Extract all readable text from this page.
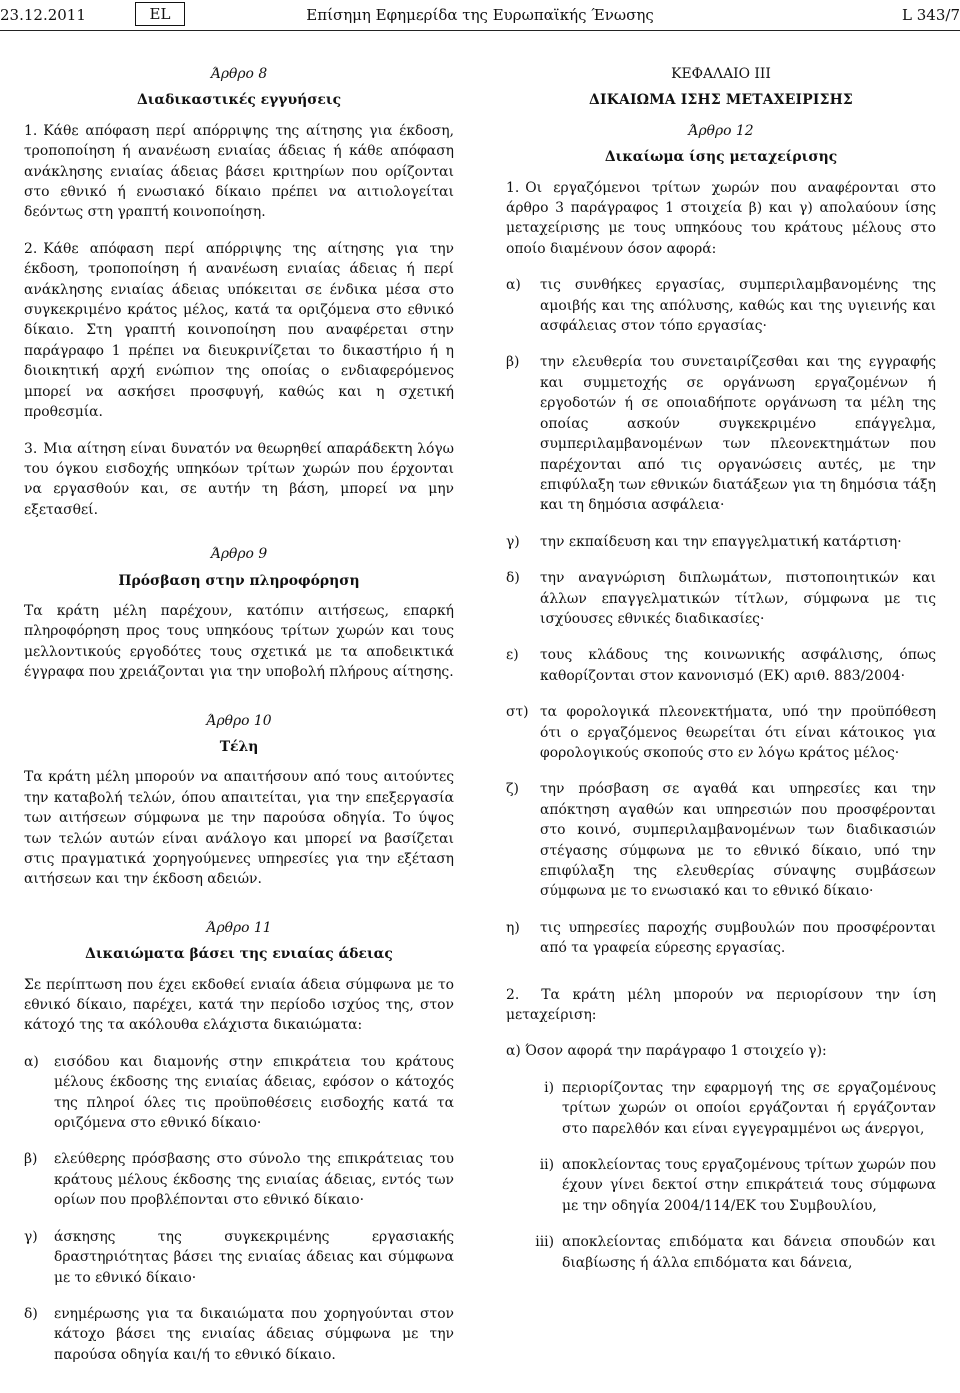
23.12.2011	EL	Επίσημη Εφημερίδα της Ευρωπαϊκής Ένωσης	L 343/7
Άρθρο 8
Διαδικαστικές εγγυήσεις

1. Κάθε απόφαση περί απόρριψης της αίτησης για έκδοση, τροποποίηση ή ανανέωση ενιαίας άδειας ή κάθε απόφαση ανάκλησης ενιαίας άδειας βάσει κριτηρίων που ορίζονται στο εθνικό ή ενωσιακό δίκαιο πρέπει να αιτιολογείται δεόντως στη γραπτή κοινοποίηση.

2. Κάθε απόφαση περί απόρριψης της αίτησης για την έκδοση, τροποποίηση ή ανανέωση ενιαίας άδειας ή περί ανάκλησης ενιαίας άδειας υπόκειται σε ένδικα μέσα στο συγκεκριμένο κράτος μέλος, κατά τα οριζόμενα στο εθνικό δίκαιο. Στη γραπτή κοινοποίηση που αναφέρεται στην παράγραφο 1 πρέπει να διευκρινίζεται το δικαστήριο ή η διοικητική αρχή ενώπιον της οποίας ο ενδιαφερόμενος μπορεί να ασκήσει προσφυγή, καθώς και η σχετική προθεσμία.

3. Μια αίτηση είναι δυνατόν να θεωρηθεί απαράδεκτη λόγω του όγκου εισδοχής υπηκόων τρίτων χωρών που έρχονται να εργασθούν και, σε αυτήν τη βάση, μπορεί να μην εξετασθεί.

Άρθρο 9
Πρόσβαση στην πληροφόρηση

Τα κράτη μέλη παρέχουν, κατόπιν αιτήσεως, επαρκή πληροφόρηση προς τους υπηκόους τρίτων χωρών και τους μελλοντικούς εργοδότες τους σχετικά με τα αποδεικτικά έγγραφα που χρειάζονται για την υποβολή πλήρους αίτησης.

Άρθρο 10
Τέλη

Τα κράτη μέλη μπορούν να απαιτήσουν από τους αιτούντες την καταβολή τελών, όπου απαιτείται, για την επεξεργασία των αιτήσεων σύμφωνα με την παρούσα οδηγία. Το ύψος των τελών αυτών είναι ανάλογο και μπορεί να βασίζεται στις πραγματικά χορηγούμενες υπηρεσίες για την εξέταση αιτήσεων και την έκδοση αδειών.

Άρθρο 11
Δικαιώματα βάσει της ενιαίας άδειας

Σε περίπτωση που έχει εκδοθεί ενιαία άδεια σύμφωνα με το εθνικό δίκαιο, παρέχει, κατά την περίοδο ισχύος της, στον κάτοχό της τα ακόλουθα ελάχιστα δικαιώματα:

α)	εισόδου και διαμονής στην επικράτεια του κράτους μέλους έκδοσης της ενιαίας άδειας, εφόσον ο κάτοχός της πληροί όλες τις προϋποθέσεις εισδοχής κατά τα οριζόμενα στο εθνικό δίκαιο·
β)	ελεύθερης πρόσβασης στο σύνολο της επικράτειας του κράτους μέλους έκδοσης της ενιαίας άδειας, εντός των ορίων που προβλέπονται στο εθνικό δίκαιο·
γ)	άσκησης της συγκεκριμένης εργασιακής δραστηριότητας βάσει της ενιαίας άδειας και σύμφωνα με το εθνικό δίκαιο·
δ)	ενημέρωσης για τα δικαιώματα που χορηγούνται στον κάτοχο βάσει της ενιαίας άδειας σύμφωνα με την παρούσα οδηγία και/ή το εθνικό δίκαιο.
ΚΕΦΑΛΑΙΟ III
ΔΙΚΑΙΩΜΑ ΙΣΗΣ ΜΕΤΑΧΕΙΡΙΣΗΣ
Άρθρο 12
Δικαίωμα ίσης μεταχείρισης

1. Οι εργαζόμενοι τρίτων χωρών που αναφέρονται στο άρθρο 3 παράγραφος 1 στοιχεία β) και γ) απολαύουν ίσης μεταχείρισης με τους υπηκόους του κράτους μέλους στο οποίο διαμένουν όσον αφορά:

α)	τις συνθήκες εργασίας, συμπεριλαμβανομένης της αμοιβής και της απόλυσης, καθώς και της υγιεινής και ασφάλειας στον τόπο εργασίας·
β)	την ελευθερία του συνεταιρίζεσθαι και της εγγραφής και συμμετοχής σε οργάνωση εργαζομένων ή εργοδοτών ή σε οποιαδήποτε οργάνωση τα μέλη της οποίας ασκούν συγκεκριμένο επάγγελμα, συμπεριλαμβανομένων των πλεονεκτημάτων που παρέχονται από τις οργανώσεις αυτές, με την επιφύλαξη των εθνικών διατάξεων για τη δημόσια τάξη και τη δημόσια ασφάλεια·
γ)	την εκπαίδευση και την επαγγελματική κατάρτιση·
δ)	την αναγνώριση διπλωμάτων, πιστοποιητικών και άλλων επαγγελματικών τίτλων, σύμφωνα με τις ισχύουσες εθνικές διαδικασίες·
ε)	τους κλάδους της κοινωνικής ασφάλισης, όπως καθορίζονται στον κανονισμό (ΕΚ) αριθ. 883/2004·
στ) τα φορολογικά πλεονεκτήματα, υπό την προϋπόθεση ότι ο εργαζόμενος θεωρείται ότι είναι κάτοικος για φορολογικούς σκοπούς στο εν λόγω κράτος μέλος·
ζ)	την πρόσβαση σε αγαθά και υπηρεσίες και την απόκτηση αγαθών και υπηρεσιών που προσφέρονται στο κοινό, συμπεριλαμβανομένων των διαδικασιών στέγασης σύμφωνα με το εθνικό δίκαιο, υπό την επιφύλαξη της ελευθερίας σύναψης συμβάσεων σύμφωνα με το ενωσιακό και το εθνικό δίκαιο·
η)	τις υπηρεσίες παροχής συμβουλών που προσφέρονται από τα γραφεία εύρεσης εργασίας.

2. Τα κράτη μέλη μπορούν να περιορίσουν την ίση μεταχείριση:

α) Όσον αφορά την παράγραφο 1 στοιχείο γ):

i) περιορίζοντας την εφαρμογή της σε εργαζομένους τρίτων χωρών οι οποίοι εργάζονται ή εργάζονταν στο παρελθόν και είναι εγγεγραμμένοι ως άνεργοι,
ii) αποκλείοντας τους εργαζομένους τρίτων χωρών που έχουν γίνει δεκτοί στην επικράτειά τους σύμφωνα με την οδηγία 2004/114/ΕΚ του Συμβουλίου,
iii) αποκλείοντας επιδόματα και δάνεια σπουδών και διαβίωσης ή άλλα επιδόματα και δάνεια,
